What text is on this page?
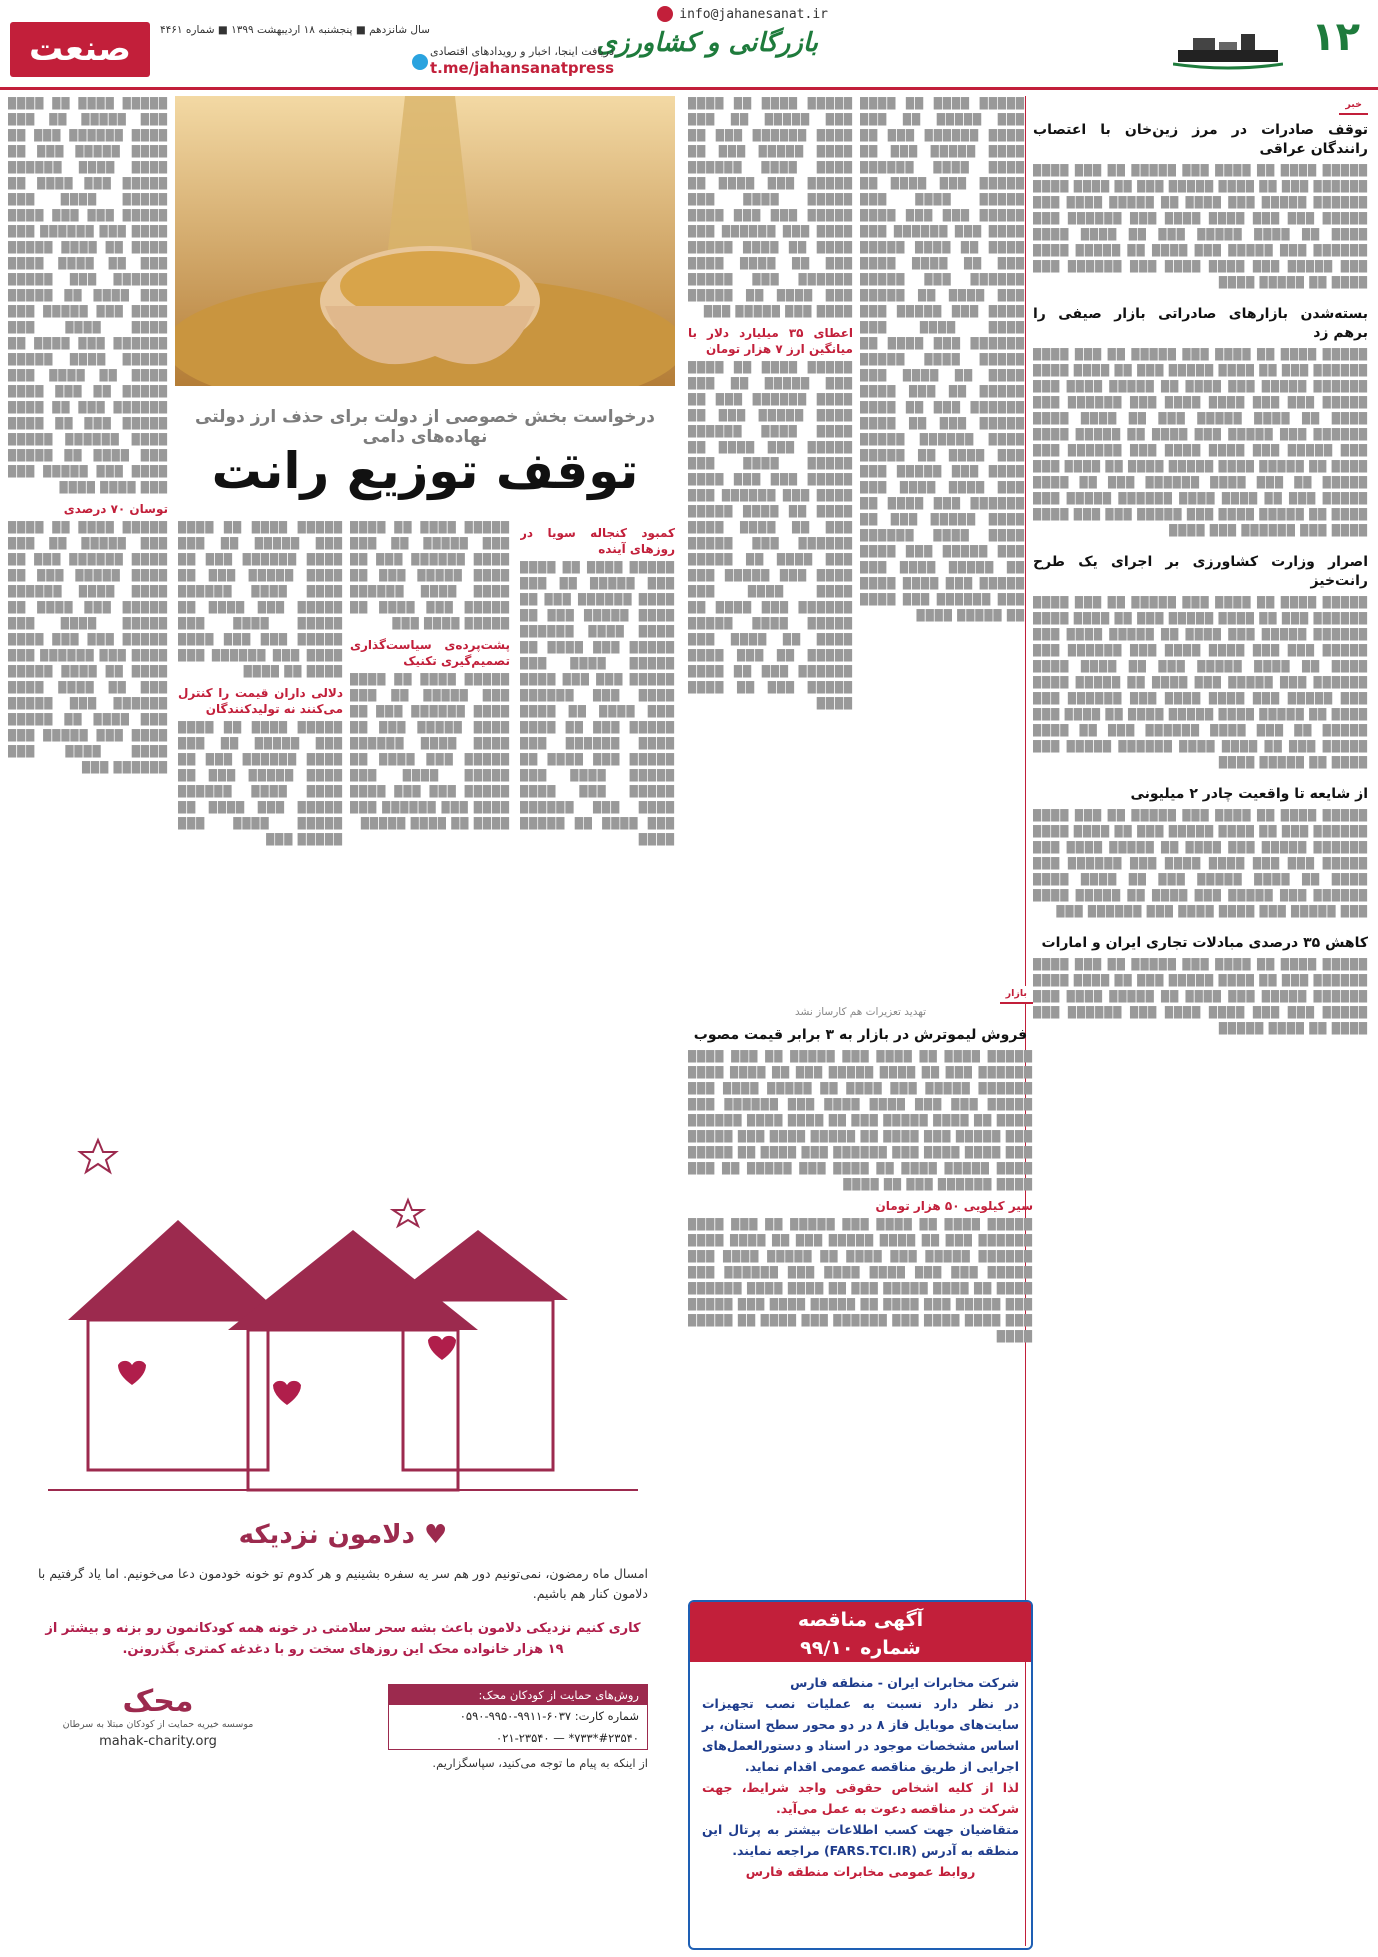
۱۲
info@jahanesanat.ir
بازرگانی و کشاورزی
دریافت اینجا، اخبار و رویدادهای اقتصادی
t.me/jahansanatpress
سال شانزدهم ■ پنجشنبه ۱۸ اردیبهشت ۱۳۹۹ ■ شماره ۴۴۶۱
صنعت
خبر
توقف صادرات در مرز زین‌خان با اعتصاب رانندگان عراقی

█████ ████ ██ ████ ███ █████ ██ ███ ████ ██████ ███ ██ ████ █████ ███ ██ ████ ████ ██████ █████ ███ ████ ██ █████ ████ ███ █████ ███ ███ ████ ████ ███ ██████ ███ ████ ██ ████ █████ ███ ██ ████ ████ ██████ ███ █████ ███ ████ ██ █████ ████ ███ █████ ███ ████ ████ ███ ██████ ███ ████ ██ █████ ████

بسته‌شدن بازارهای صادراتی بازار صیفی را برهم زد

█████ ████ ██ ████ ███ █████ ██ ███ ████ ██████ ███ ██ ████ █████ ███ ██ ████ ████ ██████ █████ ███ ████ ██ █████ ████ ███ █████ ███ ███ ████ ████ ███ ██████ ███ ████ ██ ████ █████ ███ ██ ████ ████ ██████ ███ █████ ███ ████ ██ █████ ████ ███ █████ ███ ████ ████ ███ ██████ ███ ████ ██ █████ ████ █████ ████ ██ ████ ███ █████ ██ ███ ████ ██████ ███ ██ ████ █████ ███ ██ ████ ████ ██████ █████ ███ ████ ██ █████ ████ ███ █████ ███ ███ ████ ████ ███ ██████ ███ ████

اصرار وزارت کشاورزی بر اجرای یک طرح رانت‌خیز

█████ ████ ██ ████ ███ █████ ██ ███ ████ ██████ ███ ██ ████ █████ ███ ██ ████ ████ ██████ █████ ███ ████ ██ █████ ████ ███ █████ ███ ███ ████ ████ ███ ██████ ███ ████ ██ ████ █████ ███ ██ ████ ████ ██████ ███ █████ ███ ████ ██ █████ ████ ███ █████ ███ ████ ████ ███ ██████ ███ ████ ██ █████ ████ █████ ████ ██ ████ ███ █████ ██ ███ ████ ██████ ███ ██ ████ █████ ███ ██ ████ ████ ██████ █████ ███ ████ ██ █████ ████

از شایعه تا واقعیت چادر ۲ میلیونی

█████ ████ ██ ████ ███ █████ ██ ███ ████ ██████ ███ ██ ████ █████ ███ ██ ████ ████ ██████ █████ ███ ████ ██ █████ ████ ███ █████ ███ ███ ████ ████ ███ ██████ ███ ████ ██ ████ █████ ███ ██ ████ ████ ██████ ███ █████ ███ ████ ██ █████ ████ ███ █████ ███ ████ ████ ███ ██████ ███

کاهش ۳۵ درصدی مبادلات تجاری ایران و امارات

█████ ████ ██ ████ ███ █████ ██ ███ ████ ██████ ███ ██ ████ █████ ███ ██ ████ ████ ██████ █████ ███ ████ ██ █████ ████ ███ █████ ███ ███ ████ ████ ███ ██████ ███ ████ ██ ████ █████

█████ ████ ██ ████ ███ █████ ██ ███ ████ ██████ ███ ██ ████ █████ ███ ██ ████ ████ ██████ █████ ███ ████ ██ █████ ████ ███ █████ ███ ███ ████ ████ ███ ██████ ███ ████ ██ ████ █████ ███ ██ ████ ████ ██████ ███ █████ ███ ████ ██ █████ ████ ███ █████ ███ ████ ████ ███ ██████ ███ ████ ██ █████ ████ █████ ████ ██ ████ ███ █████ ██ ███ ████ ██████ ███ ██ ████ █████ ███ ██ ████ ████ ██████ █████ ███ ████ ██ █████ ████ ███ █████ ███ ███ ████ ████ ███ ██████ ███ ████ ██ ████ █████ ███ ██ ████ ████ ██████ ███ █████ ███ ████ ██ █████ ████ ███ █████ ███ ████ ████ ███ ██████ ███ ████ ██ █████ ████

█████ ████ ██ ████ ███ █████ ██ ███ ████ ██████ ███ ██ ████ █████ ███ ██ ████ ████ ██████ █████ ███ ████ ██ █████ ████ ███ █████ ███ ███ ████ ████ ███ ██████ ███ ████ ██ ████ █████ ███ ██ ████ ████ ██████ ███ █████ ███ ████ ██ █████ ████ ███ █████ ███

اعطای ۳۵ میلیارد دلار با میانگین ارز ۷ هزار تومان

█████ ████ ██ ████ ███ █████ ██ ███ ████ ██████ ███ ██ ████ █████ ███ ██ ████ ████ ██████ █████ ███ ████ ██ █████ ████ ███ █████ ███ ███ ████ ████ ███ ██████ ███ ████ ██ ████ █████ ███ ██ ████ ████ ██████ ███ █████ ███ ████ ██ █████ ████ ███ █████ ███ ████ ████ ███ ██████ ███ ████ ██ █████ ████ █████ ████ ██ ████ ███ █████ ██ ███ ████ ██████ ███ ██ ████ █████ ███ ██ ████ ████

درخواست بخش خصوصی از دولت برای حذف ارز دولتی نهاده‌های دامی
توقف توزیع رانت

█████ ████ ██ ████ ███ █████ ██ ███ ████ ██████ ███ ██ ████ █████ ███ ██ ████ ████ ██████ █████ ███ ████ ██ █████ ████ ███ █████ ███ ███ ████ ████ ███ ██████ ███ ████ ██ ████ █████ ███ ██ ████ ████ ██████ ███ █████ ███ ████ ██ █████ ████ ███ █████ ███ ████ ████ ███ ██████ ███ ████ ██ █████ ████ █████ ████ ██ ████ ███ █████ ██ ███ ████ ██████ ███ ██ ████ █████ ███ ██ ████ ████ ██████ █████ ███ ████ ██ █████ ████ ███ █████ ███ ███ ████ ████

توسان ۷۰ درصدی

█████ ████ ██ ████ ███ █████ ██ ███ ████ ██████ ███ ██ ████ █████ ███ ██ ████ ████ ██████ █████ ███ ████ ██ █████ ████ ███ █████ ███ ███ ████ ████ ███ ██████ ███ ████ ██ ████ █████ ███ ██ ████ ████ ██████ ███ █████ ███ ████ ██ █████ ████ ███ █████ ███ ████ ████ ███ ██████ ███

کمبود کنجاله سویا در روزهای آینده

█████ ████ ██ ████ ███ █████ ██ ███ ████ ██████ ███ ██ ████ █████ ███ ██ ████ ████ ██████ █████ ███ ████ ██ █████ ████ ███ █████ ███ ███ ████ ████ ███ ██████ ███ ████ ██ ████ █████ ███ ██ ████ ████ ██████ ███ █████ ███ ████ ██ █████ ████ ███ █████ ███ ████ ████ ███ ██████ ███ ████ ██ █████ ████

█████ ████ ██ ████ ███ █████ ██ ███ ████ ██████ ███ ██ ████ █████ ███ ██ ████ ████ ██████ █████ ███ ████ ██ █████ ████ ███

پشت‌پرده‌ی سیاست‌گذاری تصمیم‌گیری تکنیک

█████ ████ ██ ████ ███ █████ ██ ███ ████ ██████ ███ ██ ████ █████ ███ ██ ████ ████ ██████ █████ ███ ████ ██ █████ ████ ███ █████ ███ ███ ████ ████ ███ ██████ ███ ████ ██ ████ █████

█████ ████ ██ ████ ███ █████ ██ ███ ████ ██████ ███ ██ ████ █████ ███ ██ ████ ████ ██████ █████ ███ ████ ██ █████ ████ ███ █████ ███ ███ ████ ████ ███ ██████ ███ ████ ██ ████

دلالی داران قیمت را کنترل می‌کنند نه تولیدکنندگان

█████ ████ ██ ████ ███ █████ ██ ███ ████ ██████ ███ ██ ████ █████ ███ ██ ████ ████ ██████ █████ ███ ████ ██ █████ ████ ███ █████ ███

بازار
تهدید تعزیرات هم کارساز نشد
فروش لیموترش در بازار به ۳ برابر قیمت مصوب

█████ ████ ██ ████ ███ █████ ██ ███ ████ ██████ ███ ██ ████ █████ ███ ██ ████ ████ ██████ █████ ███ ████ ██ █████ ████ ███ █████ ███ ███ ████ ████ ███ ██████ ███ ████ ██ ████ █████ ███ ██ ████ ████ ██████ ███ █████ ███ ████ ██ █████ ████ ███ █████ ███ ████ ████ ███ ██████ ███ ████ ██ █████ ████ █████ ████ ██ ████ ███ █████ ██ ███ ████ ██████ ███ ██ ████

سیر کیلویی ۵۰ هزار تومان

█████ ████ ██ ████ ███ █████ ██ ███ ████ ██████ ███ ██ ████ █████ ███ ██ ████ ████ ██████ █████ ███ ████ ██ █████ ████ ███ █████ ███ ███ ████ ████ ███ ██████ ███ ████ ██ ████ █████ ███ ██ ████ ████ ██████ ███ █████ ███ ████ ██ █████ ████ ███ █████ ███ ████ ████ ███ ██████ ███ ████ ██ █████ ████

آگهی مناقصه
شماره ۹۹/۱۰
شرکت مخابرات ایران - منطقه فارس
در نظر دارد نسبت به عملیات نصب تجهیزات سایت‌های موبایل فاز ۸ در دو محور سطح استان، بر اساس مشخصات موجود در اسناد و دستورالعمل‌های اجرایی از طریق مناقصه عمومی اقدام نماید.
لذا از کلیه اشخاص حقوقی واجد شرایط، جهت شرکت در مناقصه دعوت به عمل می‌آید.
متقاضیان جهت کسب اطلاعات بیشتر به پرتال این منطقه به آدرس (FARS.TCI.IR) مراجعه نمایند.
روابط عمومی مخابرات منطقه فارس
♥ دلامون نزدیکه
امسال ماه رمضون، نمی‌تونیم دور هم سر یه سفره بشینیم و هر کدوم تو خونه خودمون دعا می‌خونیم. اما یاد گرفتیم با دلامون کنار هم باشیم.
کاری کنیم نزدیکی دلامون باعث بشه سحر سلامتی در خونه همه کودکانمون رو بزنه و بیشتر از ۱۹ هزار خانواده محک این روزهای سخت رو با دغدغه کمتری بگذرونن.
روش‌های حمایت از کودکان محک:
شماره کارت: ۶۰۳۷-۹۹۱۱-۹۹۵۰-۰۵۹۰
#۲۳۵۴۰*۷۳۳* — ۰۲۱-۲۳۵۴۰
محک
موسسه خیریه حمایت از کودکان مبتلا به سرطان
mahak-charity.org
از اینکه به پیام ما توجه می‌کنید، سپاسگزاریم.
